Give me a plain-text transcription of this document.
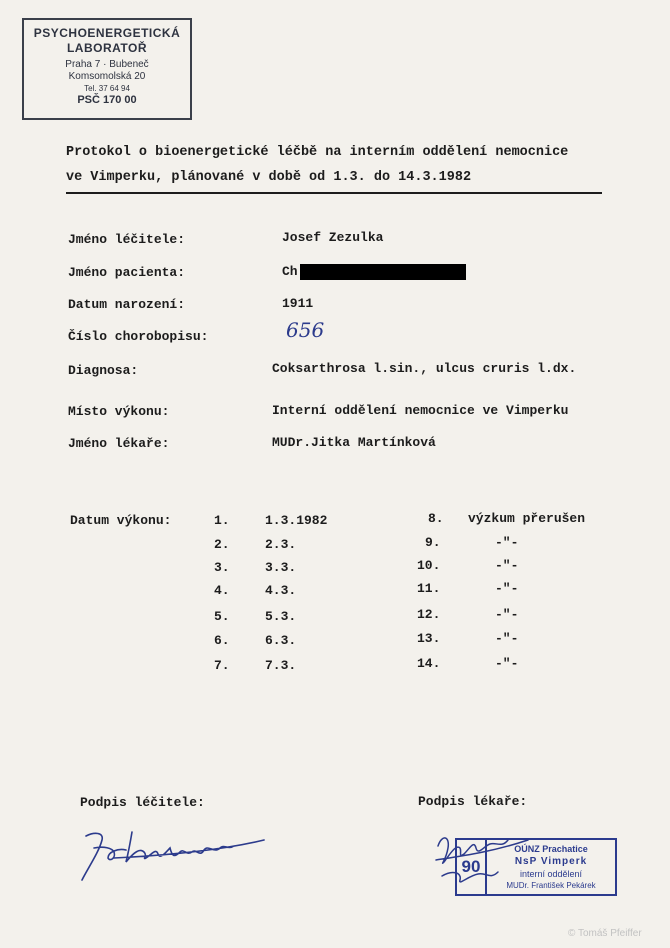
PSYCHOENERGETICKÁ
LABORATOŘ
Praha 7 · Bubeneč
Komsomolská 20
Tel. 37 64 94
PSČ 170 00
Protokol o bioenergetické léčbě na interním oddělení nemocnice
ve Vimperku, plánované v době od 1.3. do 14.3.1982
Jméno léčitele:	Josef Zezulka
Jméno pacienta:	Ch
Datum narození:	1911
Číslo chorobopisu:	656
Diagnosa:	Coksarthrosa l.sin., ulcus cruris l.dx.
Místo výkonu:	Interní oddělení nemocnice ve Vimperku
Jméno lékaře:	MUDr.Jitka Martínková
Datum výkonu:	1.	1.3.1982
2.	2.3.
3.	3.3.
4.	4.3.
5.	5.3.
6.	6.3.
7.	7.3.
8. výzkum přerušen
9.	-"-
10.	-"-
11.	-"-
12.	-"-
13.	-"-
14.	-"-
Podpis léčitele:	Podpis lékaře:
90
OÚNZ Prachatice
NsP Vimperk
interní oddělení
MUDr. František Pekárek
© Tomáš Pfeiffer
